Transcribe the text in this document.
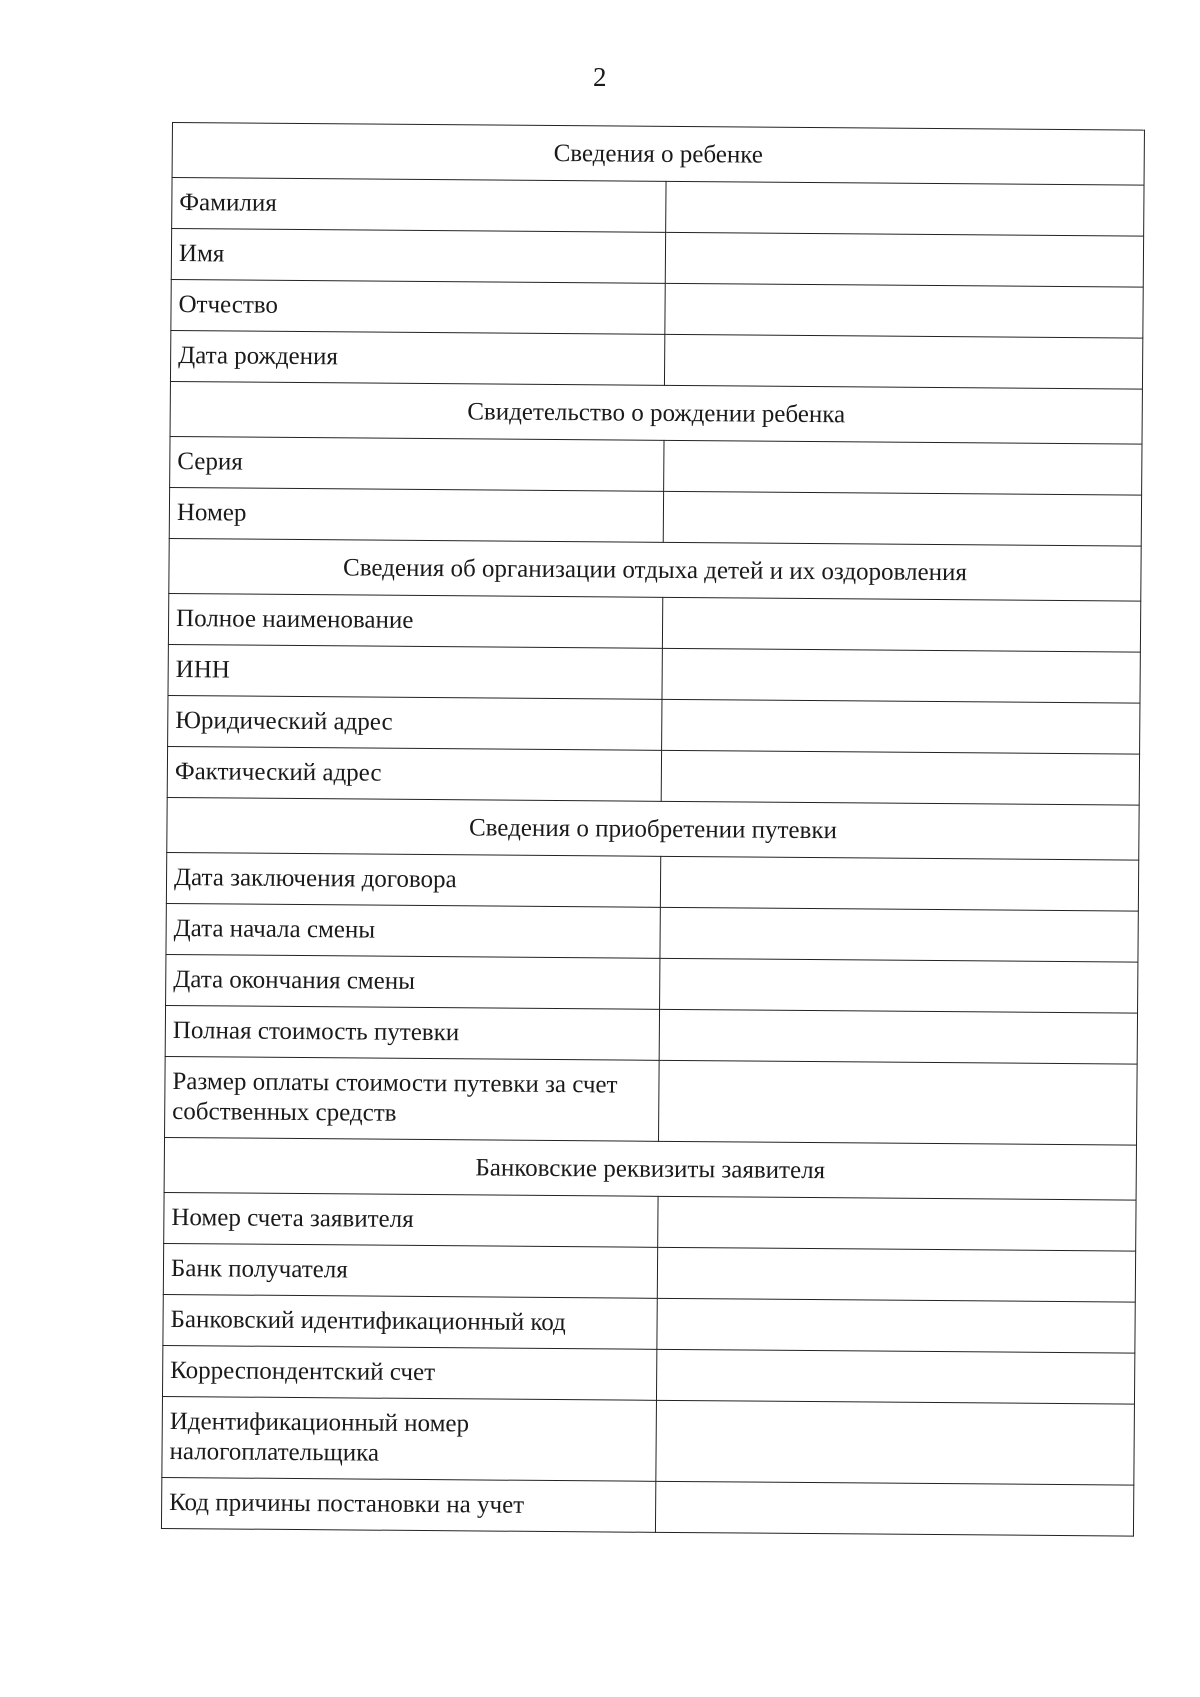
2
Сведения о ребенке	
Фамилия	
Имя	
Отчество	
Дата рождения	
Свидетельство о рождении ребенка	
Серия	
Номер	
Сведения об организации отдыха детей и их оздоровления	
Полное наименование	
ИНН	
Юридический адрес	
Фактический адрес	
Сведения о приобретении путевки	
Дата заключения договора	
Дата начала смены	
Дата окончания смены	
Полная стоимость путевки	
Размер оплаты стоимости путевки за счет собственных средств	
Банковские реквизиты заявителя	
Номер счета заявителя	
Банк получателя	
Банковский идентификационный код	
Корреспондентский счет	
Идентификационный номер налогоплательщика	
Код причины постановки на учет	
